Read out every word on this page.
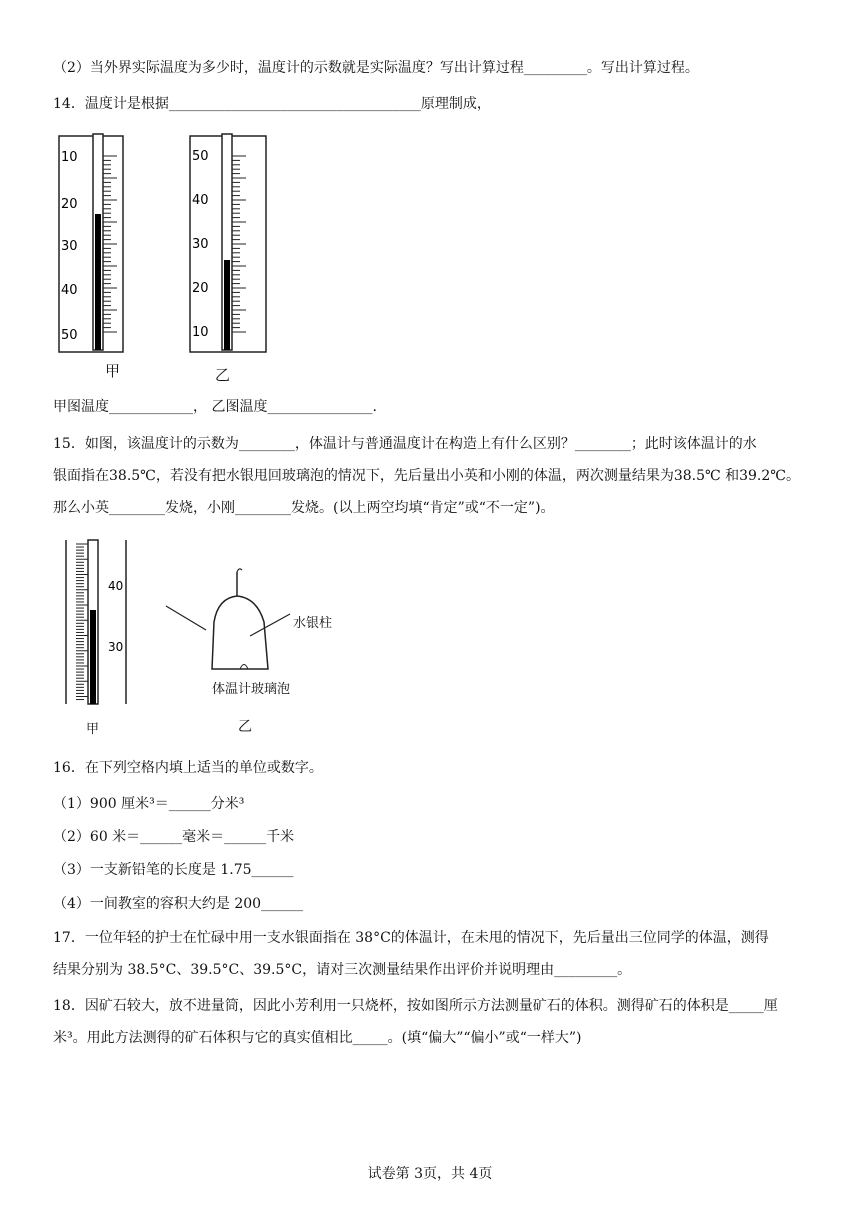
（2）当外界实际温度为多少时，温度计的示数就是实际温度？写出计算过程_________。写出计算过程。
14．温度计是根据____________________________________原理制成，
10
20
30
40
50
50
40
30
20
10
甲	乙
甲图温度____________， 乙图温度_______________.
15．如图，该温度计的示数为________，体温计与普通温度计在构造上有什么区别？________；此时该体温计的水
银面指在38.5℃，若没有把水银甩回玻璃泡的情况下，先后量出小英和小刚的体温，两次测量结果为38.5℃ 和39.2℃。
那么小英________发烧，小刚________发烧。(以上两空均填“肯定”或“不一定”)。
40
30
水银柱
体温计玻璃泡
甲	乙
16．在下列空格内填上适当的单位或数字。
（1）900 厘米³＝______分米³
（2）60 米＝______毫米＝______千米
（3）一支新铅笔的长度是 1.75______
（4）一间教室的容积大约是 200______
17．一位年轻的护士在忙碌中用一支水银面指在 38°C的体温计，在未甩的情况下，先后量出三位同学的体温，测得
结果分别为 38.5°C、39.5°C、39.5°C，请对三次测量结果作出评价并说明理由_________。
18．因矿石较大，放不进量筒，因此小芳利用一只烧杯，按如图所示方法测量矿石的体积。测得矿石的体积是_____厘
米³。用此方法测得的矿石体积与它的真实值相比_____。(填“偏大”“偏小”或“一样大”)
试卷第 3页，共 4页
